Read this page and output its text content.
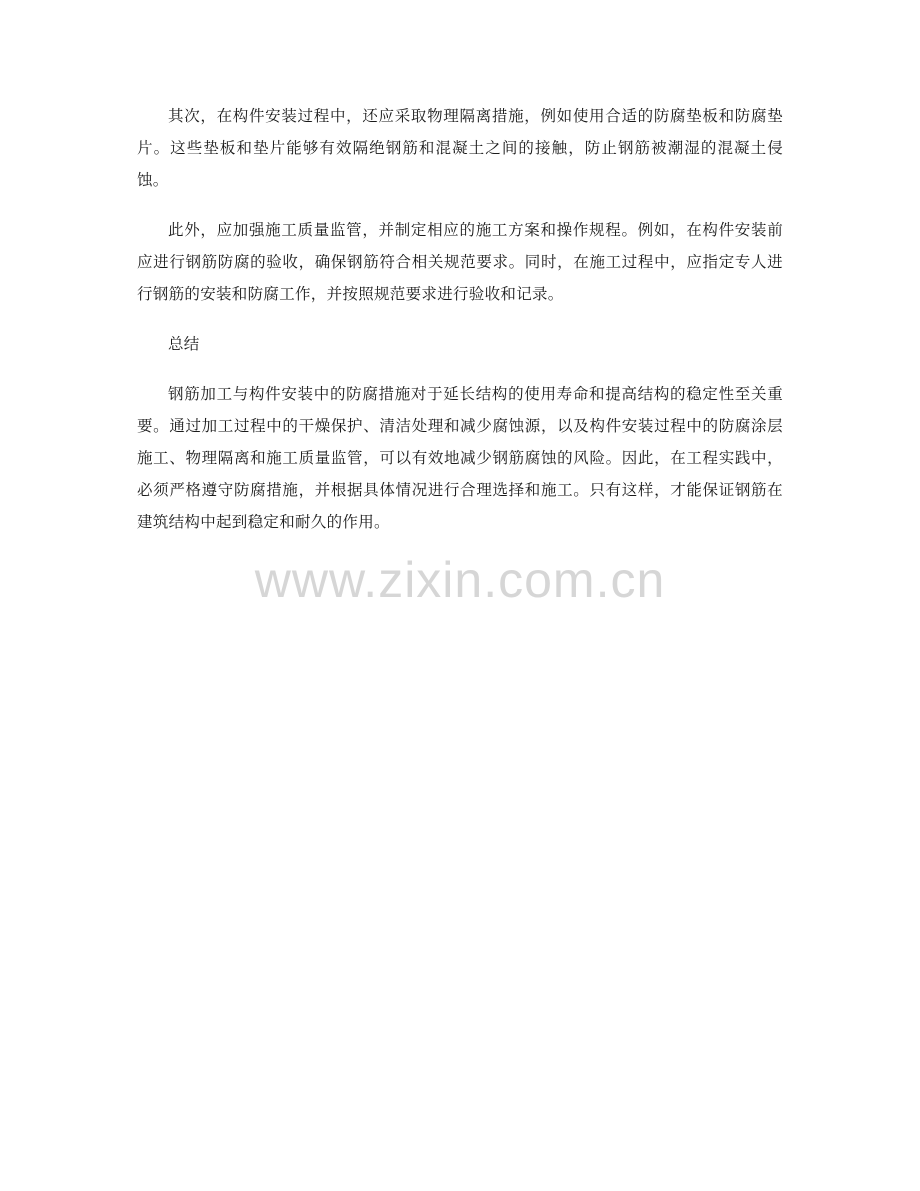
其次，在构件安装过程中，还应采取物理隔离措施，例如使用合适的防腐垫板和防腐垫片。这些垫板和垫片能够有效隔绝钢筋和混凝土之间的接触，防止钢筋被潮湿的混凝土侵蚀。

此外，应加强施工质量监管，并制定相应的施工方案和操作规程。例如，在构件安装前应进行钢筋防腐的验收，确保钢筋符合相关规范要求。同时，在施工过程中，应指定专人进行钢筋的安装和防腐工作，并按照规范要求进行验收和记录。

总结

钢筋加工与构件安装中的防腐措施对于延长结构的使用寿命和提高结构的稳定性至关重要。通过加工过程中的干燥保护、清洁处理和减少腐蚀源，以及构件安装过程中的防腐涂层施工、物理隔离和施工质量监管，可以有效地减少钢筋腐蚀的风险。因此，在工程实践中，必须严格遵守防腐措施，并根据具体情况进行合理选择和施工。只有这样，才能保证钢筋在建筑结构中起到稳定和耐久的作用。

www.zixin.com.cn
